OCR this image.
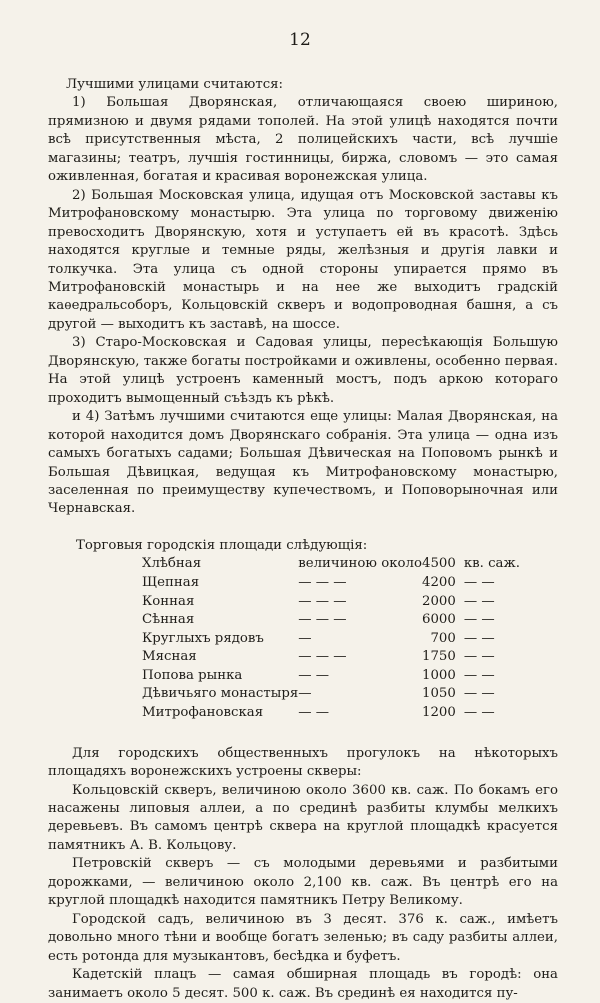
12

Лучшими улицами считаются:

1) Большая Дворянская, отличающаяся своею шириною, прямизною и двумя рядами тополей. На этой улицѣ находятся почти всѣ присутственныя мѣста, 2 полицейскихъ части, всѣ лучшiе магазины; театръ, лучшiя гостинницы, биржа, словомъ — это самая оживленная, богатая и красивая воронежская улица.

2) Большая Московская улица, идущая отъ Московской заставы къ Митрофановскому монастырю. Эта улица по торговому движенiю превосходитъ Дворянскую, хотя и уступаетъ ей въ красотѣ. Здѣсь находятся круглые и темные ряды, желѣзныя и другiя лавки и толкучка. Эта улица съ одной стороны упирается прямо въ Митрофановскiй монастырь и на нее же выходитъ градскiй каѳедральсоборъ, Кольцовскiй скверъ и водопроводная башня, а съ другой — выходитъ къ заставѣ, на шоссе.

3) Старо-Московская и Садовая улицы, пересѣкающiя Большую Дворянскую, также богаты постройками и оживлены, особенно первая. На этой улицѣ устроенъ каменный мостъ, подъ аркою котораго проходитъ вымощенный съѣздъ къ рѣкѣ.

и 4) Затѣмъ лучшими считаются еще улицы: Малая Дворянская, на которой находится домъ Дворянскаго собранiя. Эта улица — одна изъ самыхъ богатыхъ садами; Большая Дѣвическая на Поповомъ рынкѣ и Большая Дѣвицкая, ведущая къ Митрофановскому монастырю, заселенная по преимуществу купечествомъ, и Поповорыночная или Чернавская.

Торговыя городскiя площади слѣдующiя:
Хлѣбная	величиною около	4500	кв. саж.
Щепная	— — —	4200	— —
Конная	— — —	2000	— —
Сѣнная	— — —	6000	— —
Круглыхъ рядовъ	—	700	— —
Мясная	— — —	1750	— —
Попова рынка	— —	1000	— —
Дѣвичьяго монастыря	—	1050	— —
Митрофановская	— —	1200	— —

Для городскихъ общественныхъ прогулокъ на нѣкоторыхъ площадяхъ воронежскихъ устроены скверы:

Кольцовскiй скверъ, величиною около 3600 кв. саж. По бокамъ его насажены липовыя аллеи, а по срединѣ разбиты клумбы мелкихъ деревьевъ. Въ самомъ центрѣ сквера на круглой площадкѣ красуется памятникъ А. В. Кольцову.

Петровскiй скверъ — съ молодыми деревьями и разбитыми дорожками, — величиною около 2,100 кв. саж. Въ центрѣ его на круглой площадкѣ находится памятникъ Петру Великому.

Городской садъ, величиною въ 3 десят. 376 к. саж., имѣетъ довольно много тѣни и вообще богатъ зеленью; въ саду разбиты аллеи, есть ротонда для музыкантовъ, бесѣдка и буфетъ.

Кадетскiй плацъ — самая обширная площадь въ городѣ: она занимаетъ около 5 десят. 500 к. саж. Въ срединѣ ея находится пу-
